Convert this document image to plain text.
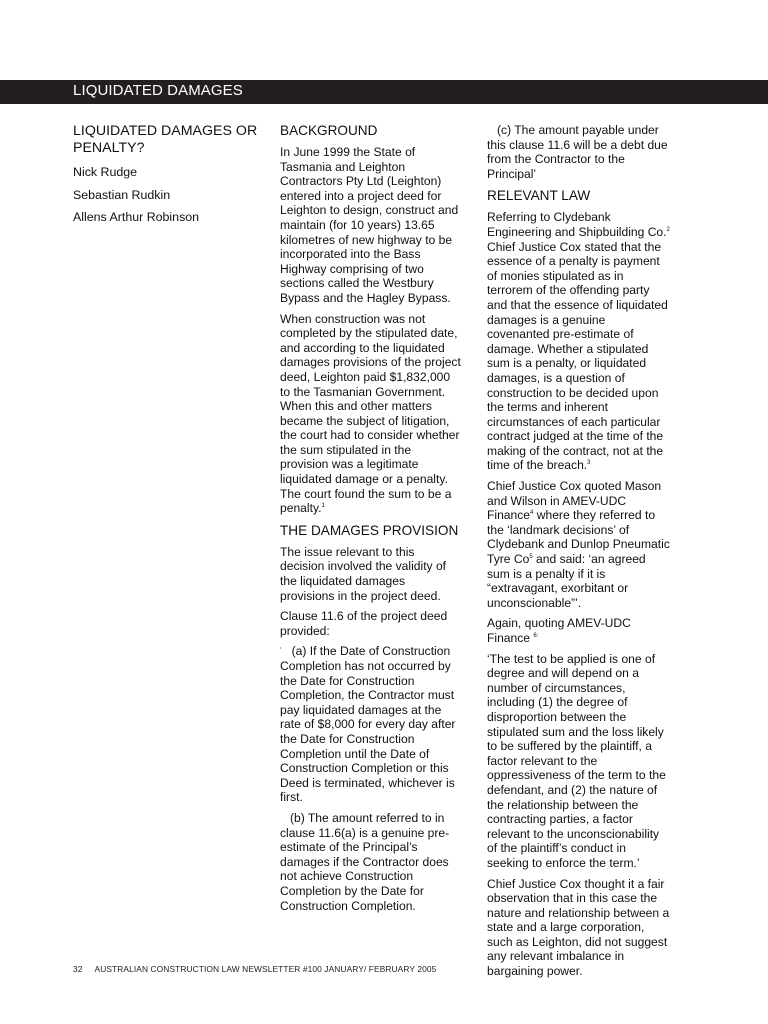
LIQUIDATED DAMAGES
LIQUIDATED DAMAGES OR PENALTY?
Nick Rudge
Sebastian Rudkin
Allens Arthur Robinson
BACKGROUND

In June 1999 the State of Tasmania and Leighton Contractors Pty Ltd (Leighton) entered into a project deed for Leighton to design, construct and maintain (for 10 years) 13.65 kilometres of new highway to be incorporated into the Bass Highway comprising of two sections called the Westbury Bypass and the Hagley Bypass.

When construction was not completed by the stipulated date, and according to the liquidated damages provisions of the project deed, Leighton paid $1,832,000 to the Tasmanian Government. When this and other matters became the subject of litigation, the court had to consider whether the sum stipulated in the provision was a legitimate liquidated damage or a penalty. The court found the sum to be a penalty.$^1$

THE DAMAGES PROVISION

The issue relevant to this decision involved the validity of the liquidated damages provisions in the project deed.

Clause 11.6 of the project deed provided:

‘ (a) If the Date of Construction Completion has not occurred by the Date for Construction Completion, the Contractor must pay liquidated damages at the rate of $8,000 for every day after the Date for Construction Completion until the Date of Construction Completion or this Deed is terminated, whichever is first.

(b) The amount referred to in clause 11.6(a) is a genuine pre-estimate of the Principal’s damages if the Contractor does not achieve Construction Completion by the Date for Construction Completion.

(c) The amount payable under this clause 11.6 will be a debt due from the Contractor to the Principal’

RELEVANT LAW

Referring to Clydebank Engineering and Shipbuilding Co.$^2$ Chief Justice Cox stated that the essence of a penalty is payment of monies stipulated as in terrorem of the offending party and that the essence of liquidated damages is a genuine covenanted pre-estimate of damage. Whether a stipulated sum is a penalty, or liquidated damages, is a question of construction to be decided upon the terms and inherent circumstances of each particular contract judged at the time of the making of the contract, not at the time of the breach.$^3$

Chief Justice Cox quoted Mason and Wilson in AMEV-UDC Finance$^4$ where they referred to the ‘landmark decisions’ of Clydebank and Dunlop Pneumatic Tyre Co$^5$ and said: ‘an agreed sum is a penalty if it is “extravagant, exorbitant or unconscionable”’.

Again, quoting AMEV-UDC Finance $^{6:}$

‘The test to be applied is one of degree and will depend on a number of circumstances, including (1) the degree of disproportion between the stipulated sum and the loss likely to be suffered by the plaintiff, a factor relevant to the oppressiveness of the term to the defendant, and (2) the nature of the relationship between the contracting parties, a factor relevant to the unconscionability of the plaintiff’s conduct in seeking to enforce the term.’

Chief Justice Cox thought it a fair observation that in this case the nature and relationship between a state and a large corporation, such as Leighton, did not suggest any relevant imbalance in bargaining power.

32 AUSTRALIAN CONSTRUCTION LAW NEWSLETTER #100 JANUARY/ FEBRUARY 2005
